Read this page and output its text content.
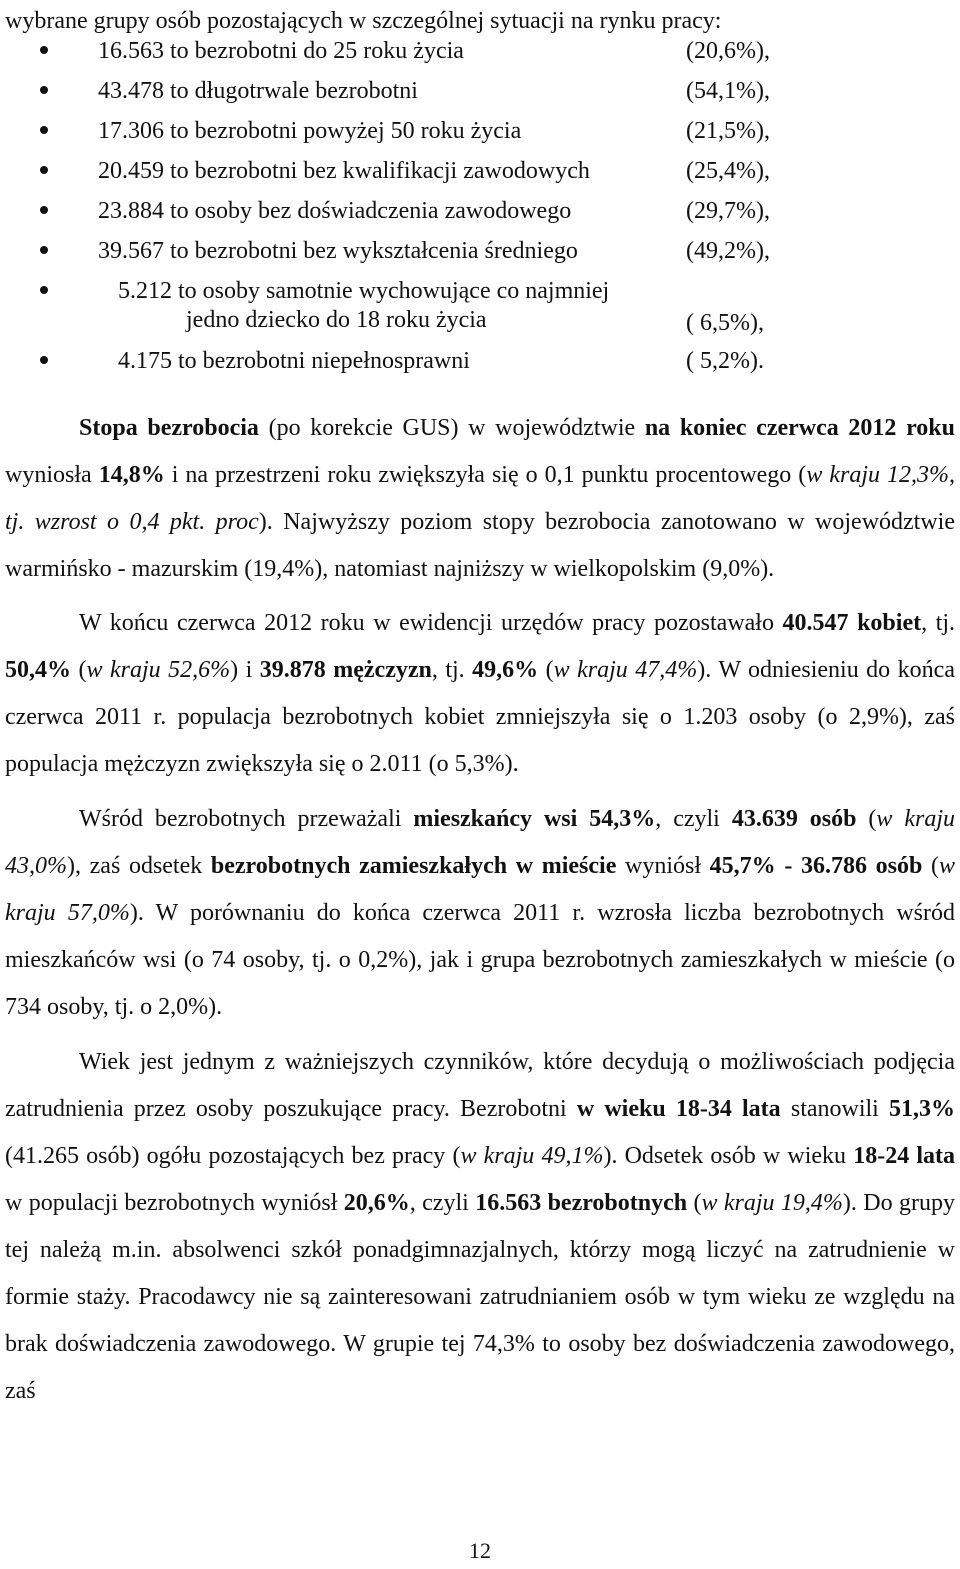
wybrane grupy osób pozostających w szczególnej sytuacji na rynku pracy:
16.563 to bezrobotni do 25 roku życia	(20,6%),
43.478 to długotrwale bezrobotni	(54,1%),
17.306 to bezrobotni powyżej 50 roku życia	(21,5%),
20.459 to bezrobotni bez kwalifikacji zawodowych	(25,4%),
23.884 to osoby bez doświadczenia zawodowego	(29,7%),
39.567 to bezrobotni bez wykształcenia średniego	(49,2%),
5.212 to osoby samotnie wychowujące co najmniej
jedno dziecko do 18 roku życia	( 6,5%),
4.175 to bezrobotni niepełnosprawni	( 5,2%).

Stopa bezrobocia (po korekcie GUS) w województwie na koniec czerwca 2012 roku wyniosła 14,8% i na przestrzeni roku zwiększyła się o 0,1 punktu procentowego (w kraju 12,3%, tj. wzrost o 0,4 pkt. proc). Najwyższy poziom stopy bezrobocia zanotowano w województwie warmińsko - mazurskim (19,4%), natomiast najniższy w wielkopolskim (9,0%).

W końcu czerwca 2012 roku w ewidencji urzędów pracy pozostawało 40.547 kobiet, tj. 50,4% (w kraju 52,6%) i 39.878 mężczyzn, tj. 49,6% (w kraju 47,4%). W odniesieniu do końca czerwca 2011 r. populacja bezrobotnych kobiet zmniejszyła się o 1.203 osoby (o 2,9%), zaś populacja mężczyzn zwiększyła się o 2.011 (o 5,3%).

Wśród bezrobotnych przeważali mieszkańcy wsi 54,3%, czyli 43.639 osób (w kraju 43,0%), zaś odsetek bezrobotnych zamieszkałych w mieście wyniósł 45,7% - 36.786 osób (w kraju 57,0%). W porównaniu do końca czerwca 2011 r. wzrosła liczba bezrobotnych wśród mieszkańców wsi (o 74 osoby, tj. o 0,2%), jak i grupa bezrobotnych zamieszkałych w mieście (o 734 osoby, tj. o 2,0%).

Wiek jest jednym z ważniejszych czynników, które decydują o możliwościach podjęcia zatrudnienia przez osoby poszukujące pracy. Bezrobotni w wieku 18-34 lata stanowili 51,3% (41.265 osób) ogółu pozostających bez pracy (w kraju 49,1%). Odsetek osób w wieku 18-24 lata w populacji bezrobotnych wyniósł 20,6%, czyli 16.563 bezrobotnych (w kraju 19,4%). Do grupy tej należą m.in. absolwenci szkół ponadgimnazjalnych, którzy mogą liczyć na zatrudnienie w formie staży. Pracodawcy nie są zainteresowani zatrudnianiem osób w tym wieku ze względu na brak doświadczenia zawodowego. W grupie tej 74,3% to osoby bez doświadczenia zawodowego, zaś

12
